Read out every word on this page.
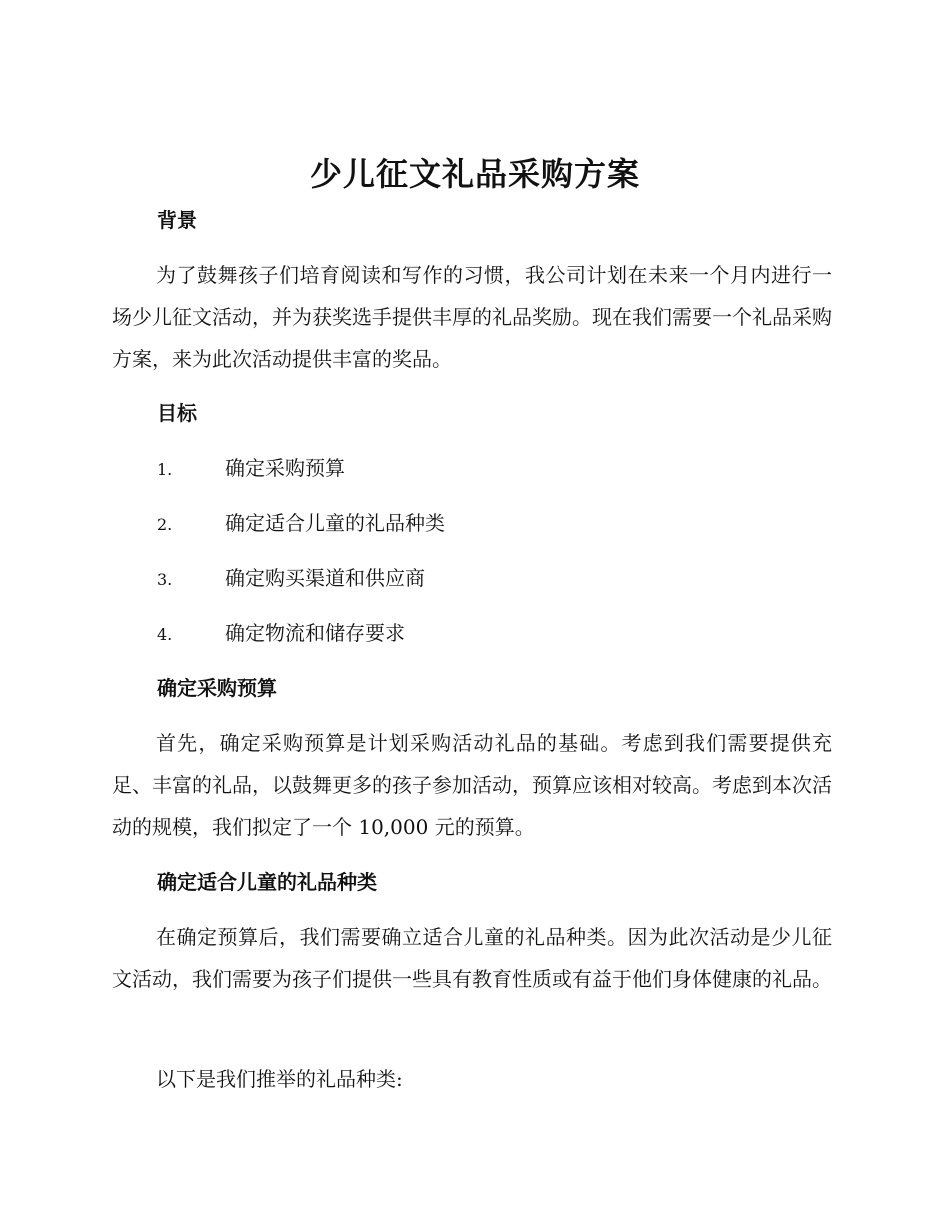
少儿征文礼品采购方案
背景
为了鼓舞孩子们培育阅读和写作的习惯，我公司计划在未来一个月内进行一场少儿征文活动，并为获奖选手提供丰厚的礼品奖励。现在我们需要一个礼品采购方案，来为此次活动提供丰富的奖品。
目标
1.	确定采购预算
2.	确定适合儿童的礼品种类
3.	确定购买渠道和供应商
4.	确定物流和储存要求
确定采购预算
首先，确定采购预算是计划采购活动礼品的基础。考虑到我们需要提供充足、丰富的礼品，以鼓舞更多的孩子参加活动，预算应该相对较高。考虑到本次活动的规模，我们拟定了一个 10,000 元的预算。
确定适合儿童的礼品种类
在确定预算后，我们需要确立适合儿童的礼品种类。因为此次活动是少儿征文活动，我们需要为孩子们提供一些具有教育性质或有益于他们身体健康的礼品。
以下是我们推举的礼品种类:
